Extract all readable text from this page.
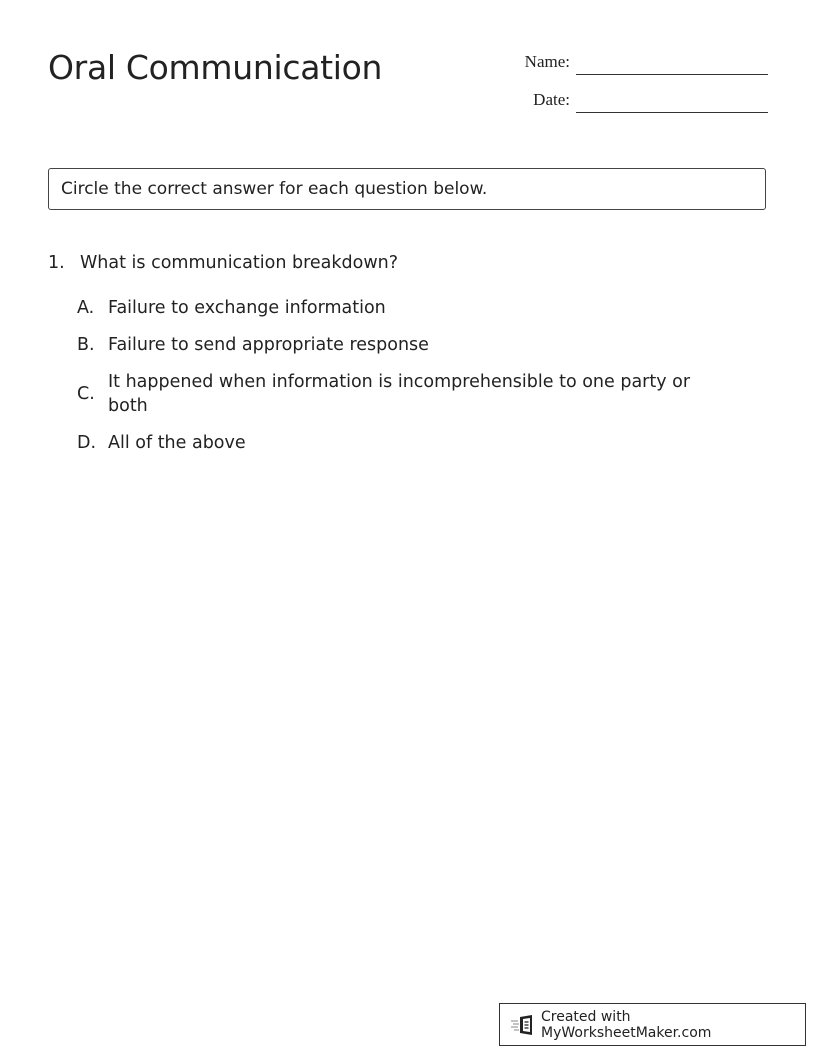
Oral Communication	Name:
Date:
Circle the correct answer for each question below.
1. What is communication breakdown?
A. Failure to exchange information
B. Failure to send appropriate response
C.
It happened when information is incomprehensible to one party or both
D. All of the above
Created with MyWorksheetMaker.com
